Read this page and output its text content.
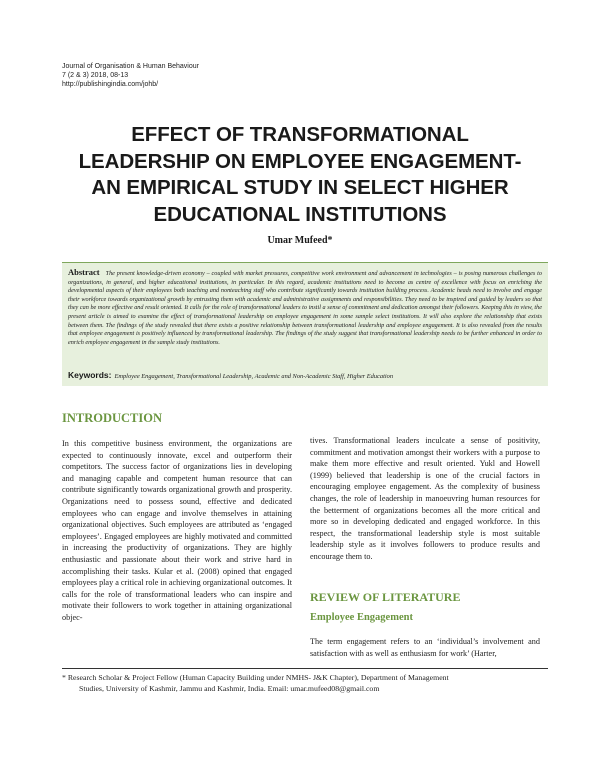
Journal of Organisation & Human Behaviour
7 (2 & 3) 2018, 08-13
http://publishingindia.com/johb/
EFFECT OF TRANSFORMATIONAL
LEADERSHIP ON EMPLOYEE ENGAGEMENT-
AN EMPIRICAL STUDY IN SELECT HIGHER
EDUCATIONAL INSTITUTIONS
Umar Mufeed*
Abstract The present knowledge-driven economy – coupled with market pressures, competitive work environment and advancement in technologies – is posing numerous challenges to organizations, in general, and higher educational institutions, in particular. In this regard, academic institutions need to become as centre of excellence with focus on enriching the developmental aspects of their employees both teaching and nonteaching staff who contribute significantly towards institution building process. Academic heads need to involve and engage their workforce towards organizational growth by entrusting them with academic and administrative assignments and responsibilities. They need to be inspired and guided by leaders so that they can be more effective and result oriented. It calls for the role of transformational leaders to instil a sense of commitment and dedication amongst their followers. Keeping this in view, the present article is aimed to examine the effect of transformational leadership on employee engagement in some sample select institutions. It will also explore the relationship that exists between them. The findings of the study revealed that there exists a positive relationship between transformational leadership and employee engagement. It is also revealed from the results that employee engagement is positively influenced by transformational leadership. The findings of the study suggest that transformational leadership needs to be further enhanced in order to enrich employee engagement in the sample study institutions.
Keywords: Employee Engagement, Transformational Leadership, Academic and Non-Academic Staff, Higher Education
INTRODUCTION
In this competitive business environment, the organizations are expected to continuously innovate, excel and outperform their competitors. The success factor of organizations lies in developing and managing capable and competent human resource that can contribute significantly towards organizational growth and prosperity. Organizations need to possess sound, effective and dedicated employees who can engage and involve themselves in attaining organizational objectives. Such employees are attributed as ‘engaged employees’. Engaged employees are highly motivated and committed in increasing the productivity of organizations. They are highly enthusiastic and passionate about their work and strive hard in accomplishing their tasks. Kular et al. (2008) opined that engaged employees play a critical role in achieving organizational outcomes. It calls for the role of transformational leaders who can inspire and motivate their followers to work together in attaining organizational objec-
tives. Transformational leaders inculcate a sense of positivity, commitment and motivation amongst their workers with a purpose to make them more effective and result oriented. Yukl and Howell (1999) believed that leadership is one of the crucial factors in encouraging employee engagement. As the complexity of business changes, the role of leadership in manoeuvring human resources for the betterment of organizations becomes all the more critical and more so in developing dedicated and engaged workforce. In this respect, the transformational leadership style is most suitable leadership style as it involves followers to produce results and encourage them to.
REVIEW OF LITERATURE
Employee Engagement
The term engagement refers to an ‘individual’s involvement and satisfaction with as well as enthusiasm for work’ (Harter,
* Research Scholar & Project Fellow (Human Capacity Building under NMHS- J&K Chapter), Department of Management
Studies, University of Kashmir, Jammu and Kashmir, India. Email: umar.mufeed08@gmail.com
